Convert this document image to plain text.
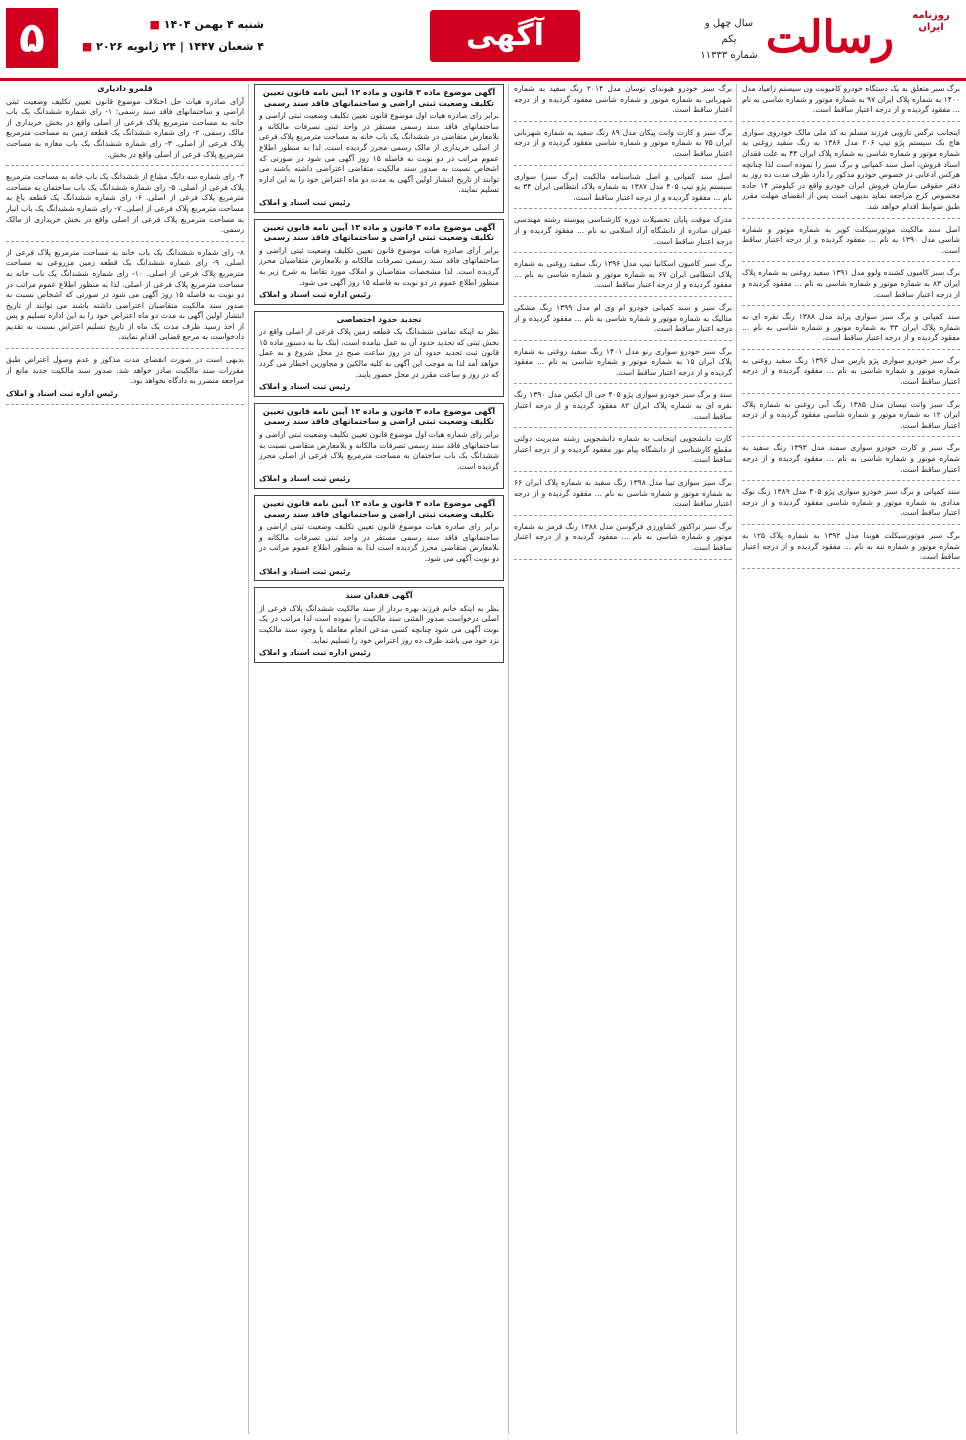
روزنامه ایران
رسالت
سال چهل و یکم
شماره ۱۱۳۳۳
آگهی
۵	شنبه ۴ بهمن ۱۴۰۴ ■
۴ شعبان ۱۴۴۷ | ۲۴ ژانویه ۲۰۲۶ ■

برگ سبز متعلق به یک دستگاه خودرو کامیونت ون سیستم زامیاد مدل ۱۴۰۰ به شماره پلاک ایران ۹۷ به شماره موتور و شماره شاسی به نام ... مفقود گردیده و از درجه اعتبار ساقط است.

اینجانب نرگس نازویی فرزند مسلم به کد ملی مالک خودروی سواری هاچ بک سیستم پژو تیپ ۲۰۶ مدل ۱۳۸۶ به رنگ سفید روغنی به شماره موتور و شماره شاسی به شماره پلاک ایران ۴۴ به علت فقدان اسناد فروش، اصل سند کمپانی و برگ سبز را نموده است لذا چنانچه هرکس ادعایی در خصوص خودرو مذکور را دارد ظرف مدت ده روز به دفتر حقوقی سازمان فروش ایران خودرو واقع در کیلومتر ۱۴ جاده مخصوص کرج مراجعه نماید بدیهی است پس از انقضای مهلت مقرر طبق ضوابط اقدام خواهد شد.

اصل سند مالکیت موتورسیکلت کویر به شماره موتور و شماره شاسی مدل ۱۳۹۰ به نام ... مفقود گردیده و از درجه اعتبار ساقط است.

برگ سبز کامیون کشنده ولوو مدل ۱۳۹۱ سفید روغنی به شماره پلاک ایران ۸۳ به شماره موتور و شماره شاسی به نام ... مفقود گردیده و از درجه اعتبار ساقط است.

سند کمپانی و برگ سبز سواری پراید مدل ۱۳۸۸ رنگ نقره ای به شماره پلاک ایران ۳۳ به شماره موتور و شماره شاسی به نام ... مفقود گردیده و از درجه اعتبار ساقط است.

برگ سبز خودرو سواری پژو پارس مدل ۱۳۹۶ رنگ سفید روغنی به شماره موتور و شماره شاسی به نام ... مفقود گردیده و از درجه اعتبار ساقط است.

برگ سبز وانت نیسان مدل ۱۳۸۵ رنگ آبی روغنی به شماره پلاک ایران ۱۲ به شماره موتور و شماره شاسی مفقود گردیده و از درجه اعتبار ساقط است.

برگ سبز و کارت خودرو سواری سمند مدل ۱۳۹۳ رنگ سفید به شماره موتور و شماره شاسی به نام ... مفقود گردیده و از درجه اعتبار ساقط است.

سند کمپانی و برگ سبز خودرو سواری پژو ۴۰۵ مدل ۱۳۸۹ رنگ نوک مدادی به شماره موتور و شماره شاسی مفقود گردیده و از درجه اعتبار ساقط است.

برگ سبز موتورسیکلت هوندا مدل ۱۳۹۲ به شماره پلاک ۱۲۵ به شماره موتور و شماره تنه به نام ... مفقود گردیده و از درجه اعتبار ساقط است.

برگ سبز خودرو هیوندای توسان مدل ۲۰۱۴ رنگ سفید به شماره شهربانی به شماره موتور و شماره شاسی مفقود گردیده و از درجه اعتبار ساقط است.

برگ سبز و کارت وانت پیکان مدل ۸۹ رنگ سفید به شماره شهربانی ایران ۷۵ به شماره موتور و شماره شاسی مفقود گردیده و از درجه اعتبار ساقط است.

اصل سند کمپانی و اصل شناسنامه مالکیت (برگ سبز) سواری سیستم پژو تیپ ۴۰۵ مدل ۱۳۸۷ به شماره پلاک انتظامی ایران ۳۴ به نام ... مفقود گردیده و از درجه اعتبار ساقط است.

مدرک موقت پایان تحصیلات دوره کارشناسی پیوسته رشته مهندسی عمران صادره از دانشگاه آزاد اسلامی به نام ... مفقود گردیده و از درجه اعتبار ساقط است.

برگ سبز کامیون اسکانیا تیپ مدل ۱۳۹۶ رنگ سفید روغنی به شماره پلاک انتظامی ایران ۶۷ به شماره موتور و شماره شاسی به نام ... مفقود گردیده و از درجه اعتبار ساقط است.

برگ سبز و سند کمپانی خودرو ام وی ام مدل ۱۳۹۹ رنگ مشکی متالیک به شماره موتور و شماره شاسی به نام ... مفقود گردیده و از درجه اعتبار ساقط است.

برگ سبز خودرو سواری رنو مدل ۱۴۰۱ رنگ سفید روغنی به شماره پلاک ایران ۱۵ به شماره موتور و شماره شاسی به نام ... مفقود گردیده و از درجه اعتبار ساقط است.

سند و برگ سبز خودرو سواری پژو ۴۰۵ جی ال ایکس مدل ۱۳۹۰ رنگ نقره ای به شماره پلاک ایران ۸۲ مفقود گردیده و از درجه اعتبار ساقط است.

کارت دانشجویی اینجانب به شماره دانشجویی رشته مدیریت دولتی مقطع کارشناسی از دانشگاه پیام نور مفقود گردیده و از درجه اعتبار ساقط است.

برگ سبز سواری تیبا مدل ۱۳۹۸ رنگ سفید به شماره پلاک ایران ۶۶ به شماره موتور و شماره شاسی به نام ... مفقود گردیده و از درجه اعتبار ساقط است.

برگ سبز تراکتور کشاورزی فرگوسن مدل ۱۳۸۸ رنگ قرمز به شماره موتور و شماره شاسی به نام ... مفقود گردیده و از درجه اعتبار ساقط است.

آگهی موضوع ماده ۳ قانون و ماده ۱۳ آیین نامه قانون تعیین تکلیف وضعیت ثبتی اراضی و ساختمانهای فاقد سند رسمی

برابر رای صادره هیات اول موضوع قانون تعیین تکلیف وضعیت ثبتی اراضی و ساختمانهای فاقد سند رسمی مستقر در واحد ثبتی تصرفات مالکانه و بلامعارض متقاضی در ششدانگ یک باب خانه به مساحت مترمربع پلاک فرعی از اصلی خریداری از مالک رسمی محرز گردیده است. لذا به منظور اطلاع عموم مراتب در دو نوبت به فاصله ۱۵ روز آگهی می شود در صورتی که اشخاص نسبت به صدور سند مالکیت متقاضی اعتراضی داشته باشند می توانند از تاریخ انتشار اولین آگهی به مدت دو ماه اعتراض خود را به این اداره تسلیم نمایند.

رئیس ثبت اسناد و املاک
آگهی موضوع ماده ۳ قانون و ماده ۱۳ آیین نامه قانون تعیین تکلیف وضعیت ثبتی اراضی و ساختمانهای فاقد سند رسمی

برابر آرای صادره هیات موضوع قانون تعیین تکلیف وضعیت ثبتی اراضی و ساختمانهای فاقد سند رسمی تصرفات مالکانه و بلامعارض متقاضیان محرز گردیده است. لذا مشخصات متقاضیان و املاک مورد تقاضا به شرح زیر به منظور اطلاع عموم در دو نوبت به فاصله ۱۵ روز آگهی می شود.

رئیس اداره ثبت اسناد و املاک
تجدید حدود اختصاصی

نظر به اینکه تمامی ششدانگ یک قطعه زمین پلاک فرعی از اصلی واقع در بخش ثبتی که تحدید حدود آن به عمل نیامده است، اینک بنا به دستور ماده ۱۵ قانون ثبت تحدید حدود آن در روز ساعت صبح در محل شروع و به عمل خواهد آمد لذا به موجب این آگهی به کلیه مالکین و مجاورین اخطار می گردد که در روز و ساعت مقرر در محل حضور یابند.

رئیس ثبت اسناد و املاک
آگهی موضوع ماده ۳ قانون و ماده ۱۳ آیین نامه قانون تعیین تکلیف وضعیت ثبتی اراضی و ساختمانهای فاقد سند رسمی

برابر رای شماره هیات اول موضوع قانون تعیین تکلیف وضعیت ثبتی اراضی و ساختمانهای فاقد سند رسمی تصرفات مالکانه و بلامعارض متقاضی نسبت به ششدانگ یک باب ساختمان به مساحت مترمربع پلاک فرعی از اصلی محرز گردیده است.

رئیس ثبت اسناد و املاک
آگهی موضوع ماده ۳ قانون و ماده ۱۳ آیین نامه قانون تعیین تکلیف وضعیت ثبتی اراضی و ساختمانهای فاقد سند رسمی

برابر رای صادره هیات موضوع قانون تعیین تکلیف وضعیت ثبتی اراضی و ساختمانهای فاقد سند رسمی مستقر در واحد ثبتی تصرفات مالکانه و بلامعارض متقاضی محرز گردیده است لذا به منظور اطلاع عموم مراتب در دو نوبت آگهی می شود.

رئیس ثبت اسناد و املاک
آگهی فقدان سند

نظر به اینکه خانم فرزند بهره بردار از سند مالکیت ششدانگ پلاک فرعی از اصلی درخواست صدور المثنی سند مالکیت را نموده است لذا مراتب در یک نوبت آگهی می شود چنانچه کسی مدعی انجام معامله یا وجود سند مالکیت نزد خود می باشد ظرف ده روز اعتراض خود را تسلیم نماید.

رئیس اداره ثبت اسناد و املاک
قلمرو دادیاری

آرای صادره هیات حل اختلاف موضوع قانون تعیین تکلیف وضعیت ثبتی اراضی و ساختمانهای فاقد سند رسمی: ۱- رای شماره ششدانگ یک باب خانه به مساحت مترمربع پلاک فرعی از اصلی واقع در بخش خریداری از مالک رسمی. ۲- رای شماره ششدانگ یک قطعه زمین به مساحت مترمربع پلاک فرعی از اصلی. ۳- رای شماره ششدانگ یک باب مغازه به مساحت مترمربع پلاک فرعی از اصلی واقع در بخش.

۴- رای شماره سه دانگ مشاع از ششدانگ یک باب خانه به مساحت مترمربع پلاک فرعی از اصلی. ۵- رای شماره ششدانگ یک باب ساختمان به مساحت مترمربع پلاک فرعی از اصلی. ۶- رای شماره ششدانگ یک قطعه باغ به مساحت مترمربع پلاک فرعی از اصلی. ۷- رای شماره ششدانگ یک باب انبار به مساحت مترمربع پلاک فرعی از اصلی واقع در بخش خریداری از مالک رسمی.

۸- رای شماره ششدانگ یک باب خانه به مساحت مترمربع پلاک فرعی از اصلی. ۹- رای شماره ششدانگ یک قطعه زمین مزروعی به مساحت مترمربع پلاک فرعی از اصلی. ۱۰- رای شماره ششدانگ یک باب خانه به مساحت مترمربع پلاک فرعی از اصلی. لذا به منظور اطلاع عموم مراتب در دو نوبت به فاصله ۱۵ روز آگهی می شود در صورتی که اشخاص نسبت به صدور سند مالکیت متقاضیان اعتراضی داشته باشند می توانند از تاریخ انتشار اولین آگهی به مدت دو ماه اعتراض خود را به این اداره تسلیم و پس از اخذ رسید ظرف مدت یک ماه از تاریخ تسلیم اعتراض نسبت به تقدیم دادخواست به مرجع قضایی اقدام نمایند.

بدیهی است در صورت انقضای مدت مذکور و عدم وصول اعتراض طبق مقررات سند مالکیت صادر خواهد شد. صدور سند مالکیت جدید مانع از مراجعه متضرر به دادگاه نخواهد بود.

رئیس اداره ثبت اسناد و املاک
